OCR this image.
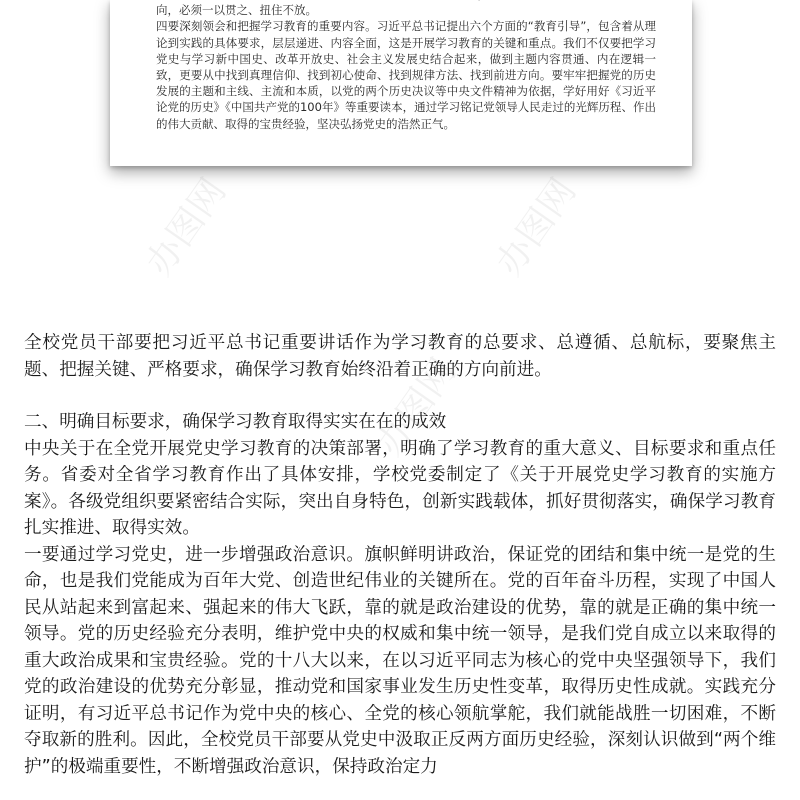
向，必须一以贯之、扭住不放。

四要深刻领会和把握学习教育的重要内容。习近平总书记提出六个方面的“教育引导”，包含着从理论到实践的具体要求，层层递进、内容全面，这是开展学习教育的关键和重点。我们不仅要把学习党史与学习新中国史、改革开放史、社会主义发展史结合起来，做到主题内容贯通、内在逻辑一致，更要从中找到真理信仰、找到初心使命、找到规律方法、找到前进方向。要牢牢把握党的历史发展的主题和主线、主流和本质，以党的两个历史决议等中央文件精神为依据，学好用好《习近平论党的历史》《中国共产党的100年》等重要读本，通过学习铭记党领导人民走过的光辉历程、作出的伟大贡献、取得的宝贵经验，坚决弘扬党史的浩然正气。

办图网	办图网
办图网

全校党员干部要把习近平总书记重要讲话作为学习教育的总要求、总遵循、总航标，要聚焦主题、把握关键、严格要求，确保学习教育始终沿着正确的方向前进。

二、明确目标要求，确保学习教育取得实实在在的成效

中央关于在全党开展党史学习教育的决策部署，明确了学习教育的重大意义、目标要求和重点任务。省委对全省学习教育作出了具体安排，学校党委制定了《关于开展党史学习教育的实施方案》。各级党组织要紧密结合实际，突出自身特色，创新实践载体，抓好贯彻落实，确保学习教育扎实推进、取得实效。

一要通过学习党史，进一步增强政治意识。旗帜鲜明讲政治，保证党的团结和集中统一是党的生命，也是我们党能成为百年大党、创造世纪伟业的关键所在。党的百年奋斗历程，实现了中国人民从站起来到富起来、强起来的伟大飞跃，靠的就是政治建设的优势，靠的就是正确的集中统一领导。党的历史经验充分表明，维护党中央的权威和集中统一领导，是我们党自成立以来取得的重大政治成果和宝贵经验。党的十八大以来，在以习近平同志为核心的党中央坚强领导下，我们党的政治建设的优势充分彰显，推动党和国家事业发生历史性变革，取得历史性成就。实践充分证明，有习近平总书记作为党中央的核心、全党的核心领航掌舵，我们就能战胜一切困难，不断夺取新的胜利。因此，全校党员干部要从党史中汲取正反两方面历史经验，深刻认识做到“两个维护”的极端重要性，不断增强政治意识，保持政治定力
